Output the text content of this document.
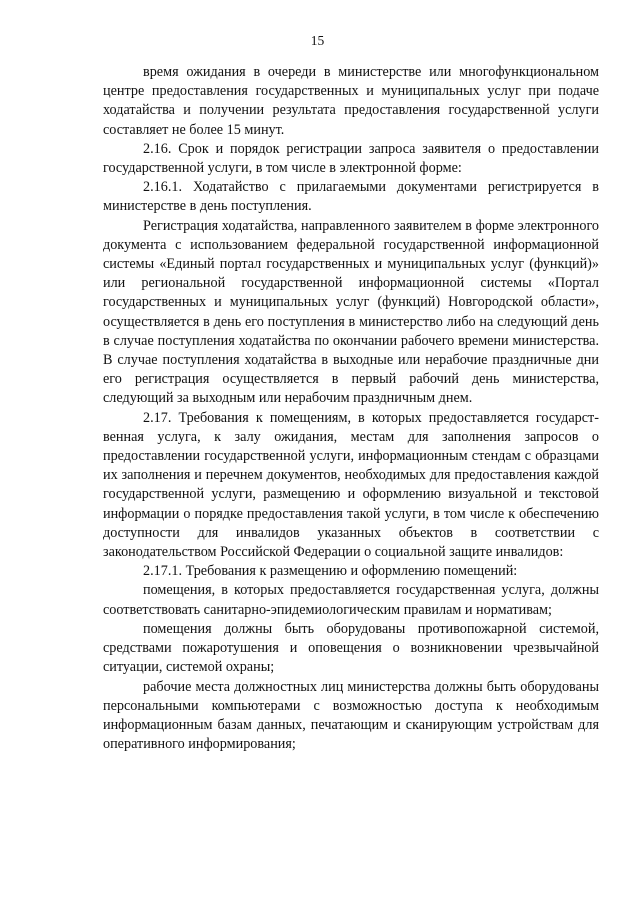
15

время ожидания в очереди в министерстве или многофункциональном центре предоставления государственных и муниципальных услуг при подаче ходатайства и получении результата предоставления государственной услуги составляет не более 15 минут.

2.16. Срок и порядок регистрации запроса заявителя о предоставлении государственной услуги, в том числе в электронной форме:

2.16.1. Ходатайство с прилагаемыми документами регистрируется в министерстве в день поступления.

Регистрация ходатайства, направленного заявителем в форме электронного документа с использованием федеральной государственной информационной системы «Единый портал государственных и муниципальных услуг (функций)» или региональной государственной информационной системы «Портал государственных и муниципальных услуг (функций) Новгородской области», осуществляется в день его поступления в министерство либо на следующий день в случае поступления ходатайства по окончании рабочего времени министерства. В случае поступления ходатайства в выходные или нерабочие праздничные дни его регистрация осуществляется в первый рабочий день министерства, следующий за выходным или нерабочим праздничным днем.

2.17. Требования к помещениям, в которых предоставляется государственная услуга, к залу ожидания, местам для заполнения запросов о предоставлении государственной услуги, информационным стендам с образцами их заполнения и перечнем документов, необходимых для предоставления каждой государственной услуги, размещению и оформлению визуальной и текстовой информации о порядке предоставления такой услуги, в том числе к обеспечению доступности для инвалидов указанных объектов в соответствии с законодательством Российской Федерации о социальной защите инвалидов:

2.17.1. Требования к размещению и оформлению помещений:

помещения, в которых предоставляется государственная услуга, должны соответствовать санитарно-эпидемиологическим правилам и нормативам;

помещения должны быть оборудованы противопожарной системой, средствами пожаротушения и оповещения о возникновении чрезвычайной ситуации, системой охраны;

рабочие места должностных лиц министерства должны быть оборудованы персональными компьютерами с возможностью доступа к необходимым информационным базам данных, печатающим и сканирующим устройствам для оперативного информирования;
